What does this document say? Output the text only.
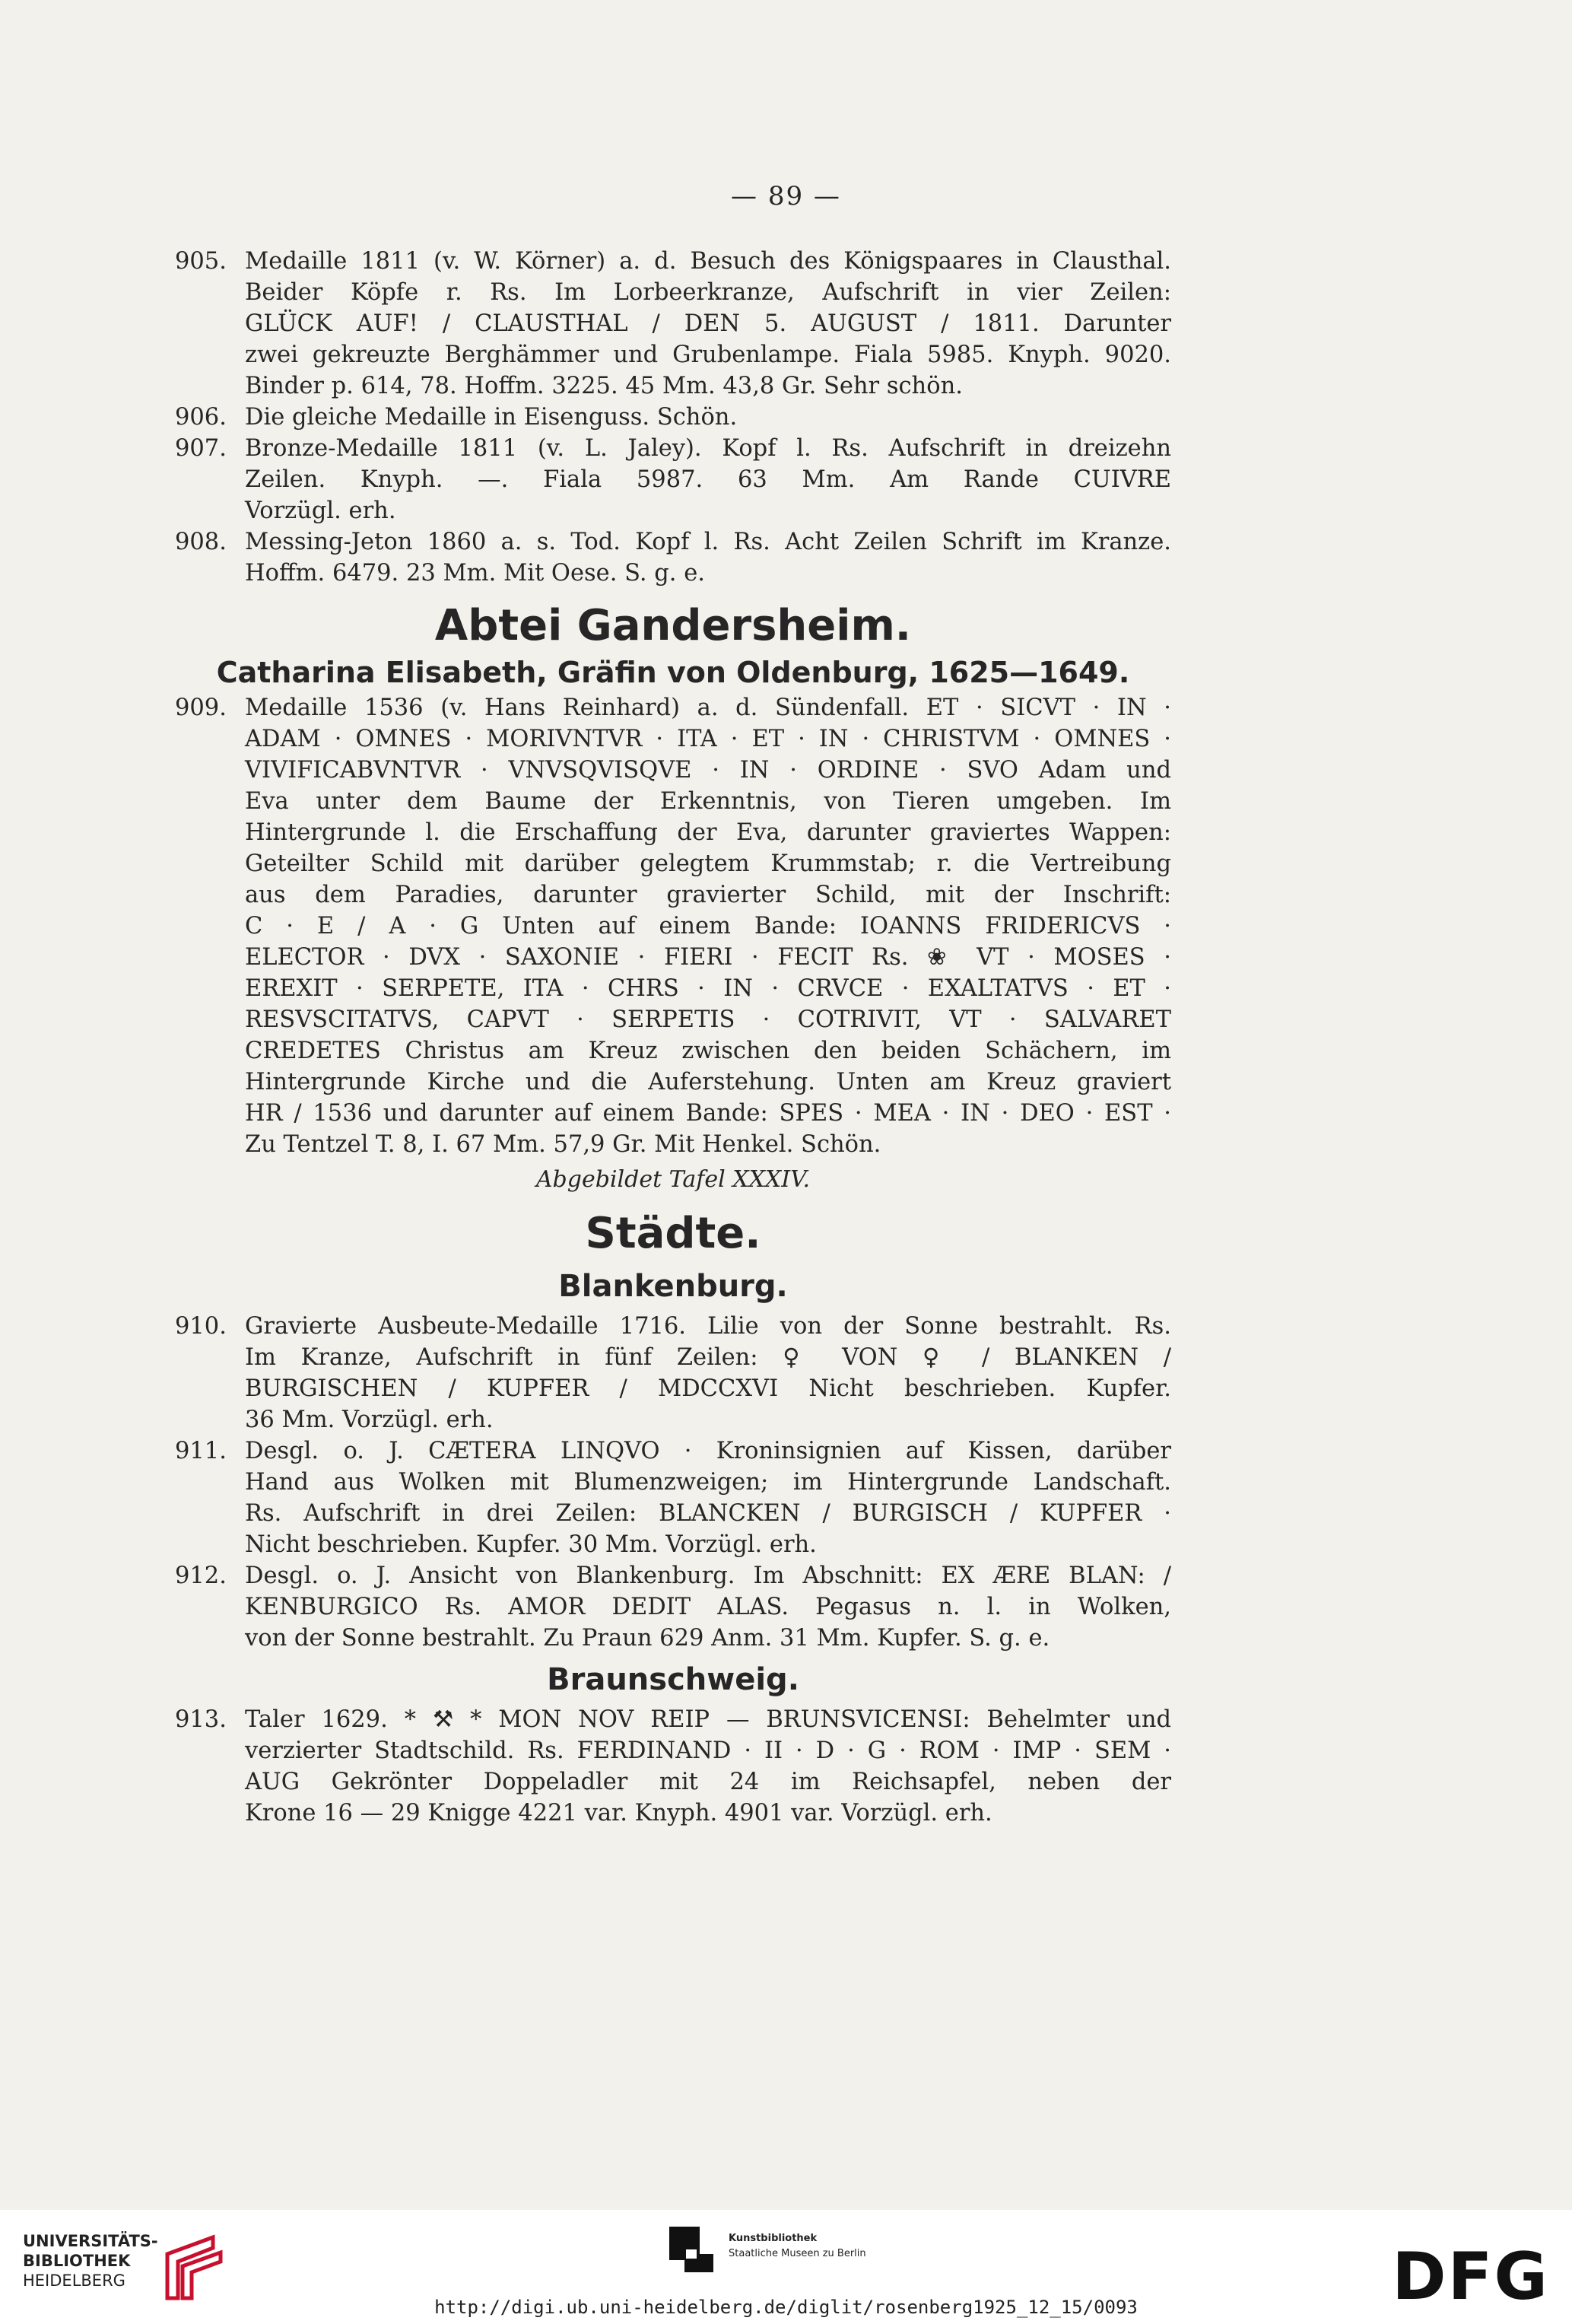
— 89 —
905. Medaille 1811 (v. W. Körner) a. d. Besuch des Königspaares in Clausthal.
Beider Köpfe r. Rs. Im Lorbeerkranze, Aufschrift in vier Zeilen:
GLÜCK AUF! / CLAUSTHAL / DEN 5. AUGUST / 1811. Darunter
zwei gekreuzte Berghämmer und Grubenlampe. Fiala 5985. Knyph. 9020.
Binder p. 614, 78. Hoffm. 3225. 45 Mm. 43,8 Gr. Sehr schön.
906. Die gleiche Medaille in Eisenguss. Schön.
907. Bronze-Medaille 1811 (v. L. Jaley). Kopf l. Rs. Aufschrift in dreizehn
Zeilen. Knyph. —. Fiala 5987. 63 Mm. Am Rande CUIVRE
Vorzügl. erh.
908. Messing-Jeton 1860 a. s. Tod. Kopf l. Rs. Acht Zeilen Schrift im Kranze.
Hoffm. 6479. 23 Mm. Mit Oese. S. g. e.
Abtei Gandersheim.
Catharina Elisabeth, Gräfin von Oldenburg, 1625—1649.
909. Medaille 1536 (v. Hans Reinhard) a. d. Sündenfall. ET · SICVT · IN ·
ADAM · OMNES · MORIVNTVR · ITA · ET · IN · CHRISTVM · OMNES ·
VIVIFICABVNTVR · VNVSQVISQVE · IN · ORDINE · SVO Adam und
Eva unter dem Baume der Erkenntnis, von Tieren umgeben. Im
Hintergrunde l. die Erschaffung der Eva, darunter graviertes Wappen:
Geteilter Schild mit darüber gelegtem Krummstab; r. die Vertreibung
aus dem Paradies, darunter gravierter Schild, mit der Inschrift:
C · E / A · G Unten auf einem Bande: IOANNS FRIDERICVS ·
ELECTOR · DVX · SAXONIE · FIERI · FECIT Rs. ❀ VT · MOSES ·
EREXIT · SERPETE, ITA · CHRS · IN · CRVCE · EXALTATVS · ET ·
RESVSCITATVS, CAPVT · SERPETIS · COTRIVIT, VT · SALVARET
CREDETES Christus am Kreuz zwischen den beiden Schächern, im
Hintergrunde Kirche und die Auferstehung. Unten am Kreuz graviert
HR / 1536 und darunter auf einem Bande: SPES · MEA · IN · DEO · EST ·
Zu Tentzel T. 8, I. 67 Mm. 57,9 Gr. Mit Henkel. Schön.
Abgebildet Tafel XXXIV.
Städte.
Blankenburg.
910. Gravierte Ausbeute-Medaille 1716. Lilie von der Sonne bestrahlt. Rs.
Im Kranze, Aufschrift in fünf Zeilen: ♀ VON ♀ / BLANKEN /
BURGISCHEN / KUPFER / MDCCXVI Nicht beschrieben. Kupfer.
36 Mm. Vorzügl. erh.
911. Desgl. o. J. CÆTERA LINQVO · Kroninsignien auf Kissen, darüber
Hand aus Wolken mit Blumenzweigen; im Hintergrunde Landschaft.
Rs. Aufschrift in drei Zeilen: BLANCKEN / BURGISCH / KUPFER ·
Nicht beschrieben. Kupfer. 30 Mm. Vorzügl. erh.
912. Desgl. o. J. Ansicht von Blankenburg. Im Abschnitt: EX ÆRE BLAN: /
KENBURGICO Rs. AMOR DEDIT ALAS. Pegasus n. l. in Wolken,
von der Sonne bestrahlt. Zu Praun 629 Anm. 31 Mm. Kupfer. S. g. e.
Braunschweig.
913. Taler 1629. * ⚒ * MON NOV REIP — BRUNSVICENSI: Behelmter und
verzierter Stadtschild. Rs. FERDINAND · II · D · G · ROM · IMP · SEM ·
AUG Gekrönter Doppeladler mit 24 im Reichsapfel, neben der
Krone 16 — 29 Knigge 4221 var. Knyph. 4901 var. Vorzügl. erh.
UNIVERSITÄTS-
BIBLIOTHEK
HEIDELBERG
Kunstbibliothek
Staatliche Museen zu Berlin	DFG
http://digi.ub.uni-heidelberg.de/diglit/rosenberg1925_12_15/0093
